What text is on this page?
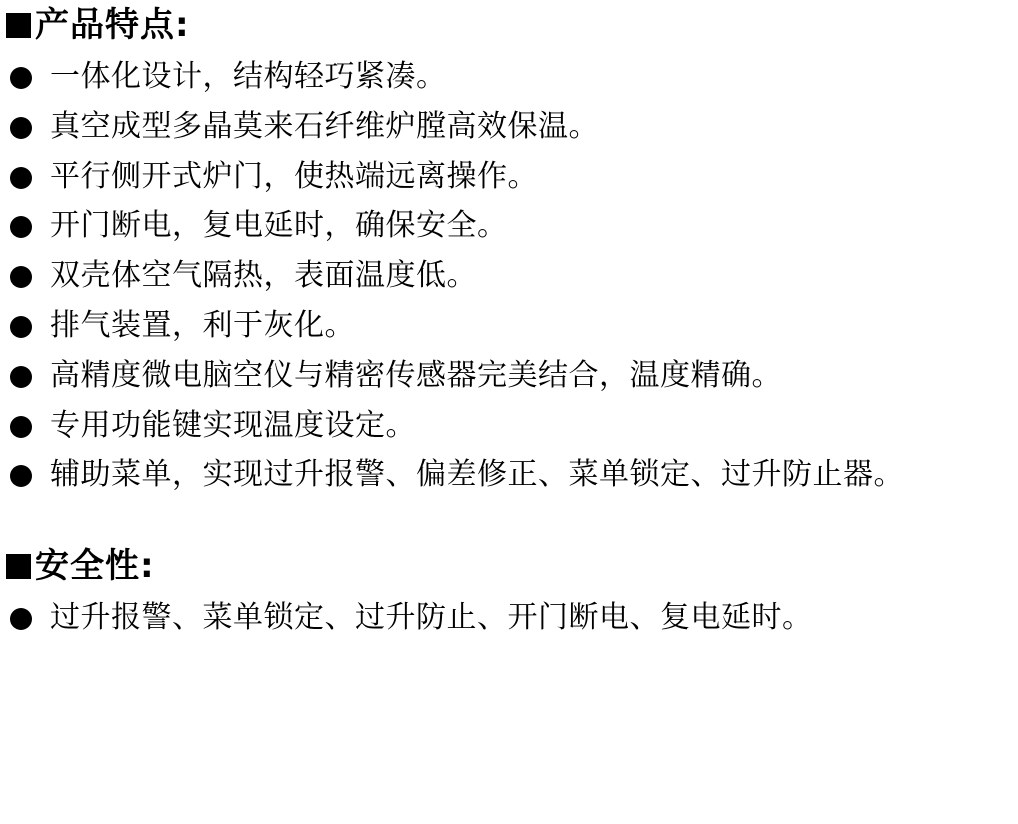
产品特点:
一体化设计，结构轻巧紧凑。
真空成型多晶莫来石纤维炉膛高效保温。
平行侧开式炉门，使热端远离操作。
开门断电，复电延时，确保安全。
双壳体空气隔热，表面温度低。
排气装置，利于灰化。
高精度微电脑空仪与精密传感器完美结合，温度精确。
专用功能键实现温度设定。
辅助菜单，实现过升报警、偏差修正、菜单锁定、过升防止器。
安全性:
过升报警、菜单锁定、过升防止、开门断电、复电延时。
